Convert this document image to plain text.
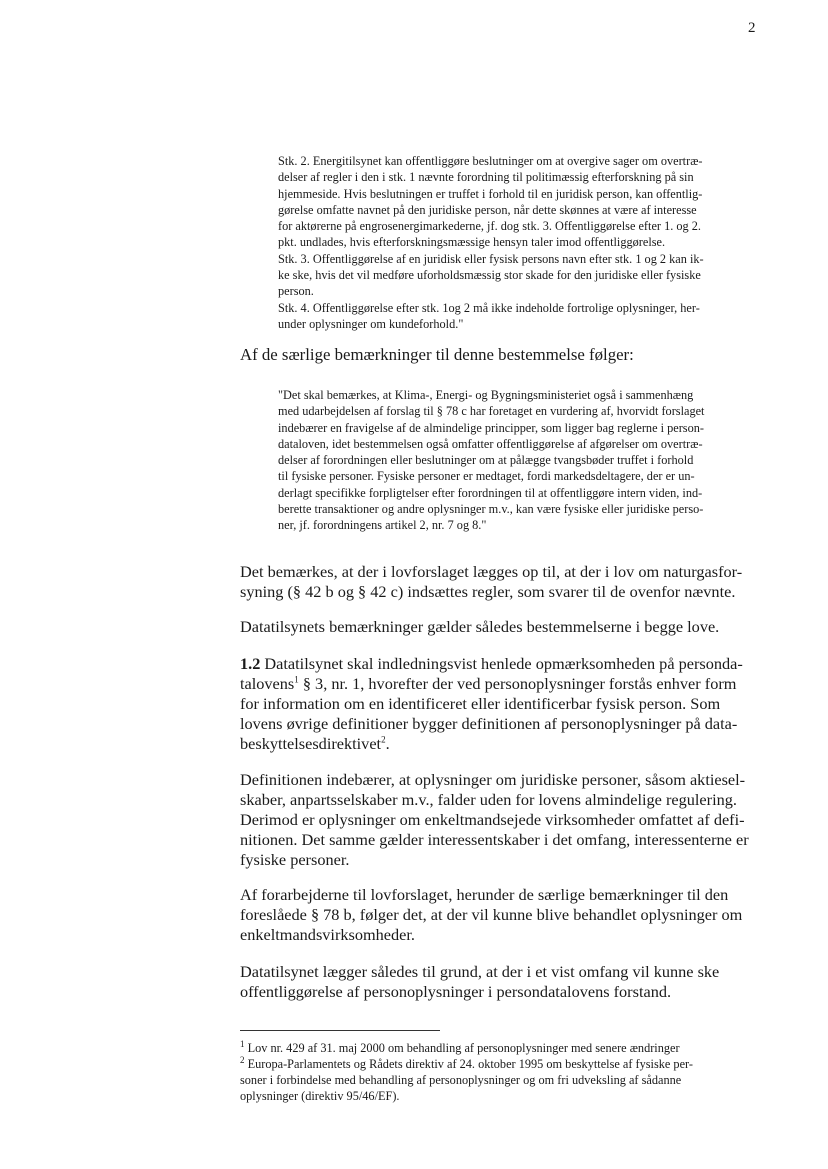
2
Stk. 2. Energitilsynet kan offentliggøre beslutninger om at overgive sager om overtræ-
delser af regler i den i stk. 1 nævnte forordning til politimæssig efterforskning på sin
hjemmeside. Hvis beslutningen er truffet i forhold til en juridisk person, kan offentlig-
gørelse omfatte navnet på den juridiske person, når dette skønnes at være af interesse
for aktørerne på engrosenergimarkederne, jf. dog stk. 3. Offentliggørelse efter 1. og 2.
pkt. undlades, hvis efterforskningsmæssige hensyn taler imod offentliggørelse.
Stk. 3. Offentliggørelse af en juridisk eller fysisk persons navn efter stk. 1 og 2 kan ik-
ke ske, hvis det vil medføre uforholdsmæssig stor skade for den juridiske eller fysiske
person.
Stk. 4. Offentliggørelse efter stk. 1og 2 må ikke indeholde fortrolige oplysninger, her-
under oplysninger om kundeforhold."
Af de særlige bemærkninger til denne bestemmelse følger:
"Det skal bemærkes, at Klima-, Energi- og Bygningsministeriet også i sammenhæng
med udarbejdelsen af forslag til § 78 c har foretaget en vurdering af, hvorvidt forslaget
indebærer en fravigelse af de almindelige principper, som ligger bag reglerne i person-
dataloven, idet bestemmelsen også omfatter offentliggørelse af afgørelser om overtræ-
delser af forordningen eller beslutninger om at pålægge tvangsbøder truffet i forhold
til fysiske personer. Fysiske personer er medtaget, fordi markedsdeltagere, der er un-
derlagt specifikke forpligtelser efter forordningen til at offentliggøre intern viden, ind-
berette transaktioner og andre oplysninger m.v., kan være fysiske eller juridiske perso-
ner, jf. forordningens artikel 2, nr. 7 og 8."
Det bemærkes, at der i lovforslaget lægges op til, at der i lov om naturgasfor-
syning (§ 42 b og § 42 c) indsættes regler, som svarer til de ovenfor nævnte.
Datatilsynets bemærkninger gælder således bestemmelserne i begge love.
1.2 Datatilsynet skal indledningsvist henlede opmærksomheden på personda-
talovens$^1$ § 3, nr. 1, hvorefter der ved personoplysninger forstås enhver form
for information om en identificeret eller identificerbar fysisk person. Som
lovens øvrige definitioner bygger definitionen af personoplysninger på data-
beskyttelsesdirektivet$^2$.
Definitionen indebærer, at oplysninger om juridiske personer, såsom aktiesel-
skaber, anpartsselskaber m.v., falder uden for lovens almindelige regulering.
Derimod er oplysninger om enkeltmandsejede virksomheder omfattet af defi-
nitionen. Det samme gælder interessentskaber i det omfang, interessenterne er
fysiske personer.
Af forarbejderne til lovforslaget, herunder de særlige bemærkninger til den
foreslåede § 78 b, følger det, at der vil kunne blive behandlet oplysninger om
enkeltmandsvirksomheder.
Datatilsynet lægger således til grund, at der i et vist omfang vil kunne ske
offentliggørelse af personoplysninger i persondatalovens forstand.
$^1$ Lov nr. 429 af 31. maj 2000 om behandling af personoplysninger med senere ændringer
$^2$ Europa-Parlamentets og Rådets direktiv af 24. oktober 1995 om beskyttelse af fysiske per-
soner i forbindelse med behandling af personoplysninger og om fri udveksling af sådanne
oplysninger (direktiv 95/46/EF).
